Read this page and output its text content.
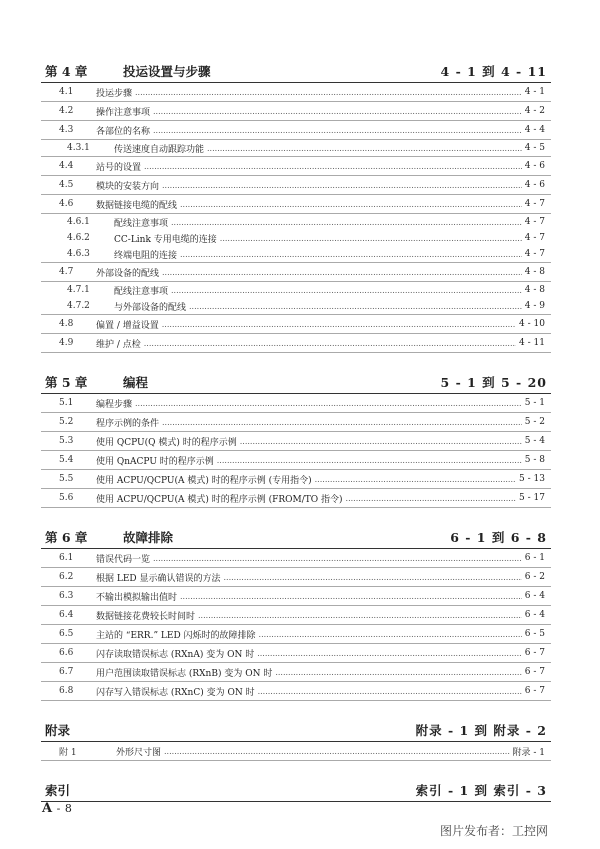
第 4 章	投运设置与步骤	4 - 1 到 4 - 11
4.1	投运步骤 .....	4 - 1
4.2	操作注意事项 .....	4 - 2
4.3	各部位的名称 .....	4 - 4
4.3.1	传送速度自动跟踪功能 .....	4 - 5
4.4	站号的设置 .....	4 - 6
4.5	模块的安装方向 .....	4 - 6
4.6	数据链接电缆的配线 .....	4 - 7
4.6.1	配线注意事项 .....	4 - 7
4.6.2	CC-Link 专用电缆的连接 .....	4 - 7
4.6.3	终端电阻的连接 .....	4 - 7
4.7	外部设备的配线 .....	4 - 8
4.7.1	配线注意事项 .....	4 - 8
4.7.2	与外部设备的配线 .....	4 - 9
4.8	偏置 / 增益设置 .....	4 - 10
4.9	维护 / 点检 .....	4 - 11
第 5 章	编程	5 - 1 到 5 - 20
5.1	编程步骤 .....	5 - 1
5.2	程序示例的条件 .....	5 - 2
5.3	使用 QCPU(Q 模式) 时的程序示例 .....	5 - 4
5.4	使用 QnACPU 时的程序示例 .....	5 - 8
5.5	使用 ACPU/QCPU(A 模式) 时的程序示例 (专用指令) .....	5 - 13
5.6	使用 ACPU/QCPU(A 模式) 时的程序示例 (FROM/TO 指令) .....	5 - 17
第 6 章	故障排除	6 - 1 到 6 - 8
6.1	错误代码一览 .....	6 - 1
6.2	根据 LED 显示确认错误的方法 .....	6 - 2
6.3	不输出模拟输出值时 .....	6 - 4
6.4	数据链接花费较长时间时 .....	6 - 4
6.5	主站的 “ERR.” LED 闪烁时的故障排除 .....	6 - 5
6.6	闪存读取错误标志 (RXnA) 变为 ON 时 .....	6 - 7
6.7	用户范围读取错误标志 (RXnB) 变为 ON 时 .....	6 - 7
6.8	闪存写入错误标志 (RXnC) 变为 ON 时 .....	6 - 7
附录	附录 - 1 到 附录 - 2
附 1	外形尺寸图 .....	附录 - 1
索引	索引 - 1 到 索引 - 3
A - 8
图片发布者：工控网
